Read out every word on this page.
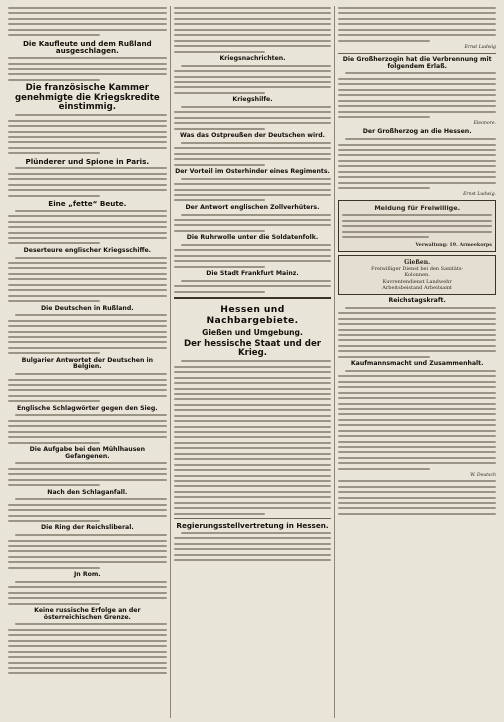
Die Kaufleute und dem Rußland ausgeschlagen.
Die französische Kammer genehmigte die Kriegskredite einstimmig.
Plünderer und Spione in Paris.
Eine „fette“ Beute.
Deserteure englischer Kriegsschiffe.
Die Deutschen in Rußland.
Bulgarier Antwortet der Deutschen in Belgien.
Englische Schlagwörter gegen den Sieg.
Die Aufgabe bei den Mühlhausen Gefangenen.
Nach den Schlaganfall.
Die Ring der Reichsliberal.
Jn Rom.
Keine russische Erfolge an der österreichischen Grenze.
Kriegsnachrichten.
Kriegshilfe.
Was das Ostpreußen der Deutschen wird.
Der Vorteil im Osterhinder eines Regiments.
Der Antwort englischen Zollverhüters.
Die Ruhrwolle unter die Soldatenfolk.
Die Stadt Frankfurt Mainz.
Hessen und Nachbargebiete.
Gießen und Umgebung.
Der hessische Staat und der Krieg.
Regierungsstellvertretung in Hessen.
Ernst Ludwig
Die Großherzogin hat die Verbrennung mit folgendem Erlaß.
Eleonore.
Der Großherzog an die Hessen.
Ernst Ludwig.
Meldung für Freiwillige.
Verwaltung: 19. Armeekorps
Gießen.
Freiwilliger Dienst bei den Sanitäts-
Kolonnen.
Kuvrentendienst Landwehr
Arbeitsbeistand Arbeitsamt
Reichstagskraft.
Kaufmannsmacht und Zusammenhalt.
W. Deutsch
